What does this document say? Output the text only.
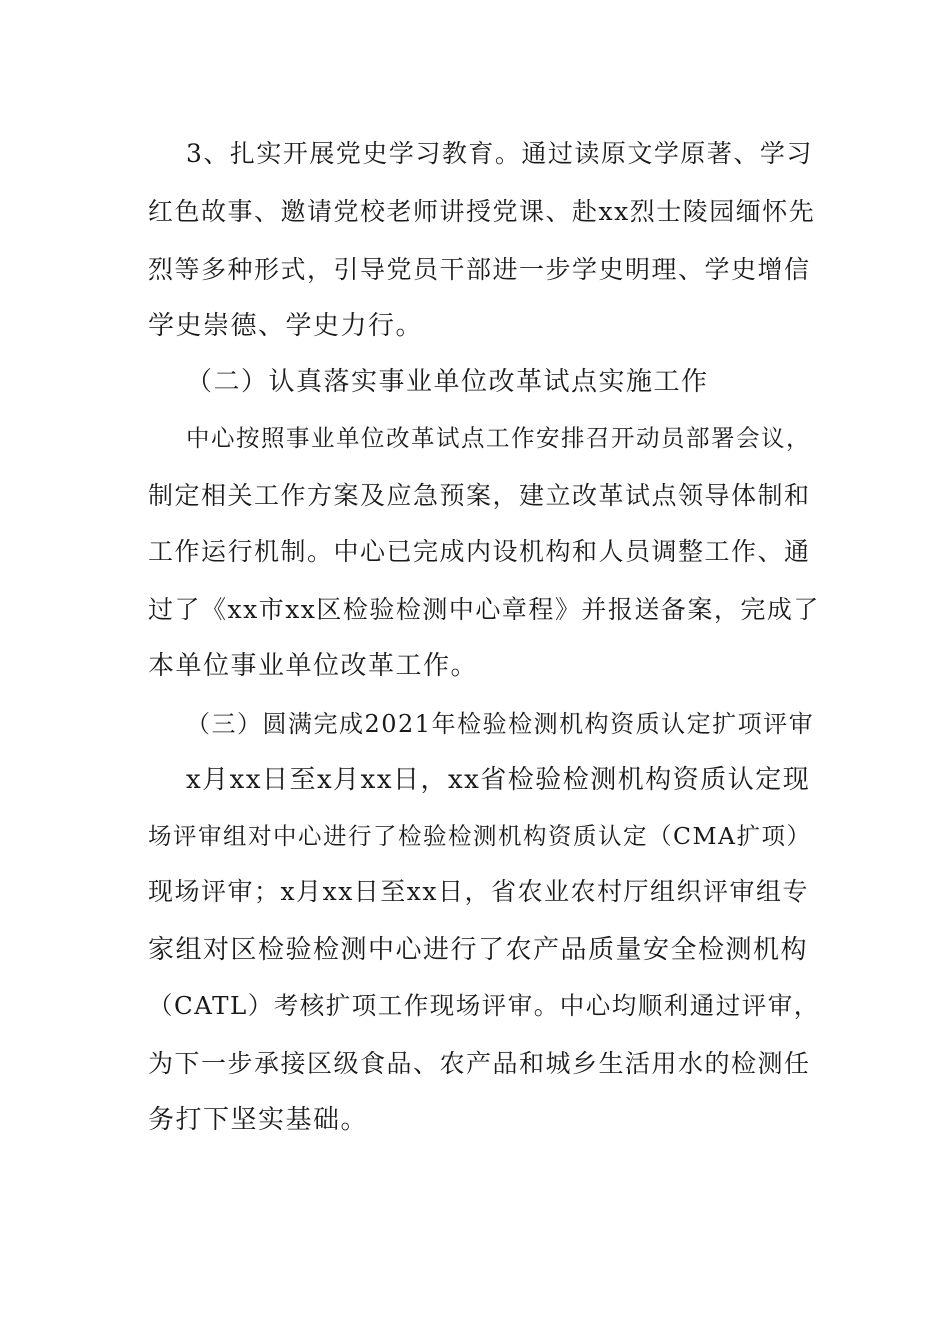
3、扎实开展党史学习教育。通过读原文学原著、学习
红色故事、邀请党校老师讲授党课、赴xx烈士陵园缅怀先
烈等多种形式，引导党员干部进一步学史明理、学史增信
学史崇德、学史力行。
（二）认真落实事业单位改革试点实施工作
中心按照事业单位改革试点工作安排召开动员部署会议，
制定相关工作方案及应急预案，建立改革试点领导体制和
工作运行机制。中心已完成内设机构和人员调整工作、通
过了《xx市xx区检验检测中心章程》并报送备案，完成了
本单位事业单位改革工作。
（三）圆满完成2021年检验检测机构资质认定扩项评审
x月xx日至x月xx日，xx省检验检测机构资质认定现
场评审组对中心进行了检验检测机构资质认定（CMA扩项）
现场评审；x月xx日至xx日，省农业农村厅组织评审组专
家组对区检验检测中心进行了农产品质量安全检测机构
（CATL）考核扩项工作现场评审。中心均顺利通过评审，
为下一步承接区级食品、农产品和城乡生活用水的检测任
务打下坚实基础。
